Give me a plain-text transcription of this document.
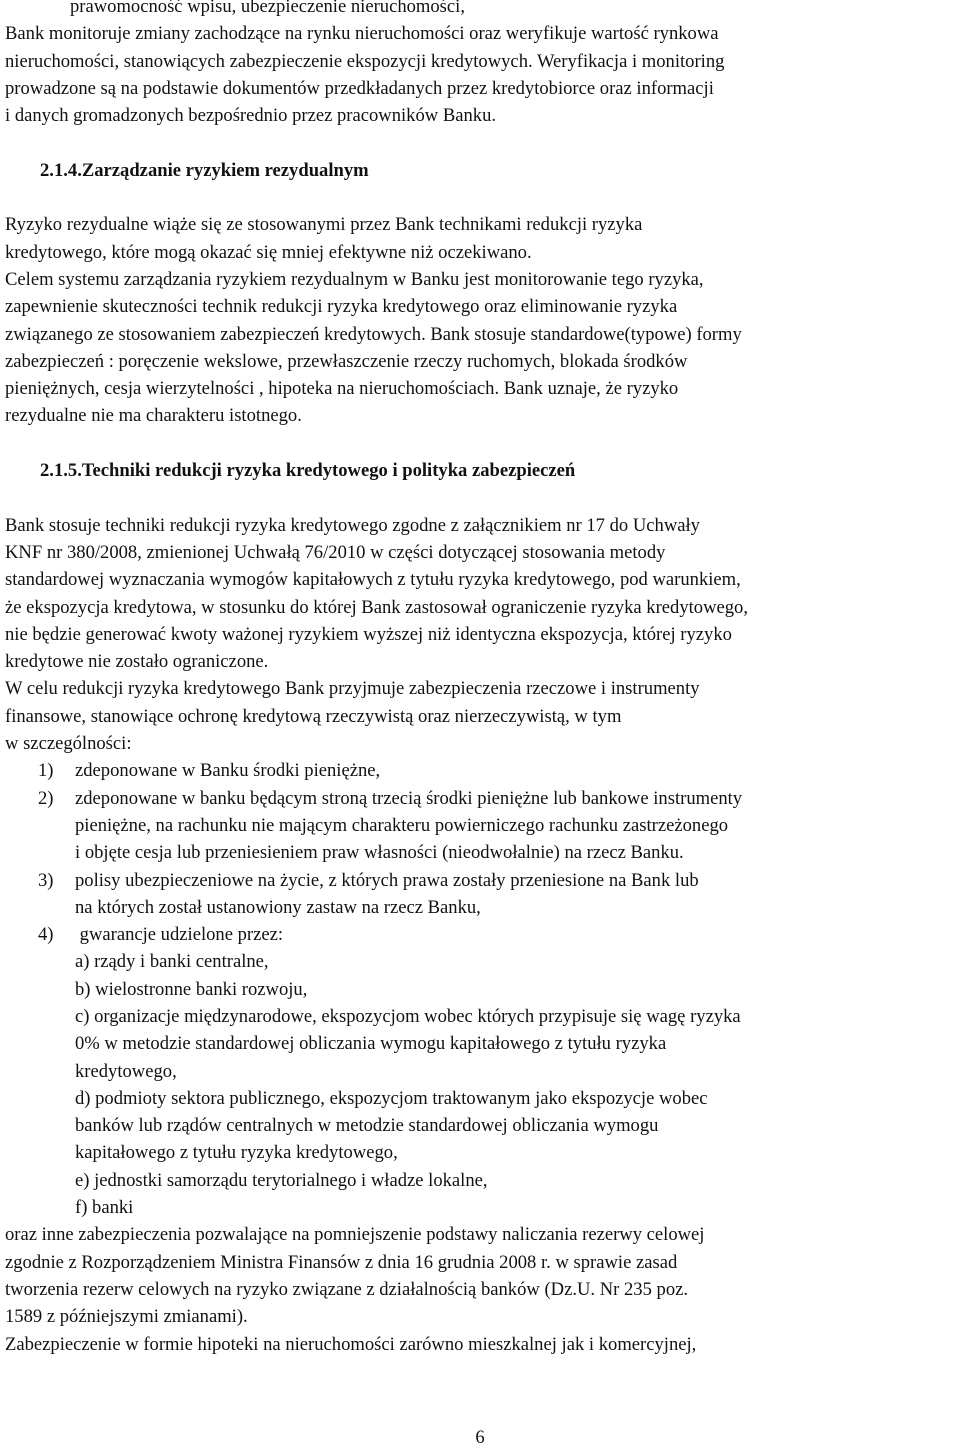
prawomocność wpisu, ubezpieczenie nieruchomości,
Bank monitoruje zmiany zachodzące na rynku nieruchomości oraz weryfikuje wartość rynkowa
nieruchomości, stanowiących zabezpieczenie ekspozycji kredytowych. Weryfikacja i monitoring
prowadzone są na podstawie dokumentów przedkładanych przez kredytobiorce oraz informacji
i danych gromadzonych bezpośrednio przez pracowników Banku.
2.1.4.Zarządzanie ryzykiem rezydualnym
Ryzyko rezydualne wiąże się ze stosowanymi przez Bank technikami redukcji ryzyka
kredytowego, które mogą okazać się mniej efektywne niż oczekiwano.
Celem systemu zarządzania ryzykiem rezydualnym w Banku jest monitorowanie tego ryzyka,
zapewnienie skuteczności technik redukcji ryzyka kredytowego oraz eliminowanie ryzyka
związanego ze stosowaniem zabezpieczeń kredytowych. Bank stosuje standardowe(typowe) formy
zabezpieczeń : poręczenie wekslowe, przewłaszczenie rzeczy ruchomych, blokada środków
pieniężnych, cesja wierzytelności , hipoteka na nieruchomościach. Bank uznaje, że ryzyko
rezydualne nie ma charakteru istotnego.
2.1.5.Techniki redukcji ryzyka kredytowego i polityka zabezpieczeń
Bank stosuje techniki redukcji ryzyka kredytowego zgodne z załącznikiem nr 17 do Uchwały
KNF nr 380/2008, zmienionej Uchwałą 76/2010 w części dotyczącej stosowania metody
standardowej wyznaczania wymogów kapitałowych z tytułu ryzyka kredytowego, pod warunkiem,
że ekspozycja kredytowa, w stosunku do której Bank zastosował ograniczenie ryzyka kredytowego,
nie będzie generować kwoty ważonej ryzykiem wyższej niż identyczna ekspozycja, której ryzyko
kredytowe nie zostało ograniczone.
W celu redukcji ryzyka kredytowego Bank przyjmuje zabezpieczenia rzeczowe i instrumenty
finansowe, stanowiące ochronę kredytową rzeczywistą oraz nierzeczywistą, w tym
w szczególności:
1) zdeponowane w Banku środki pieniężne,
2) zdeponowane w banku będącym stroną trzecią środki pieniężne lub bankowe instrumenty
pieniężne, na rachunku nie mającym charakteru powierniczego rachunku zastrzeżonego
i objęte cesja lub przeniesieniem praw własności (nieodwołalnie) na rzecz Banku.
3) polisy ubezpieczeniowe na życie, z których prawa zostały przeniesione na Bank lub
na których został ustanowiony zastaw na rzecz Banku,
4) gwarancje udzielone przez:
a) rządy i banki centralne,
b) wielostronne banki rozwoju,
c) organizacje międzynarodowe, ekspozycjom wobec których przypisuje się wagę ryzyka
0% w metodzie standardowej obliczania wymogu kapitałowego z tytułu ryzyka
kredytowego,
d) podmioty sektora publicznego, ekspozycjom traktowanym jako ekspozycje wobec
banków lub rządów centralnych w metodzie standardowej obliczania wymogu
kapitałowego z tytułu ryzyka kredytowego,
e) jednostki samorządu terytorialnego i władze lokalne,
f) banki
oraz inne zabezpieczenia pozwalające na pomniejszenie podstawy naliczania rezerwy celowej
zgodnie z Rozporządzeniem Ministra Finansów z dnia 16 grudnia 2008 r. w sprawie zasad
tworzenia rezerw celowych na ryzyko związane z działalnością banków (Dz.U. Nr 235 poz.
1589 z późniejszymi zmianami).
Zabezpieczenie w formie hipoteki na nieruchomości zarówno mieszkalnej jak i komercyjnej,
6
